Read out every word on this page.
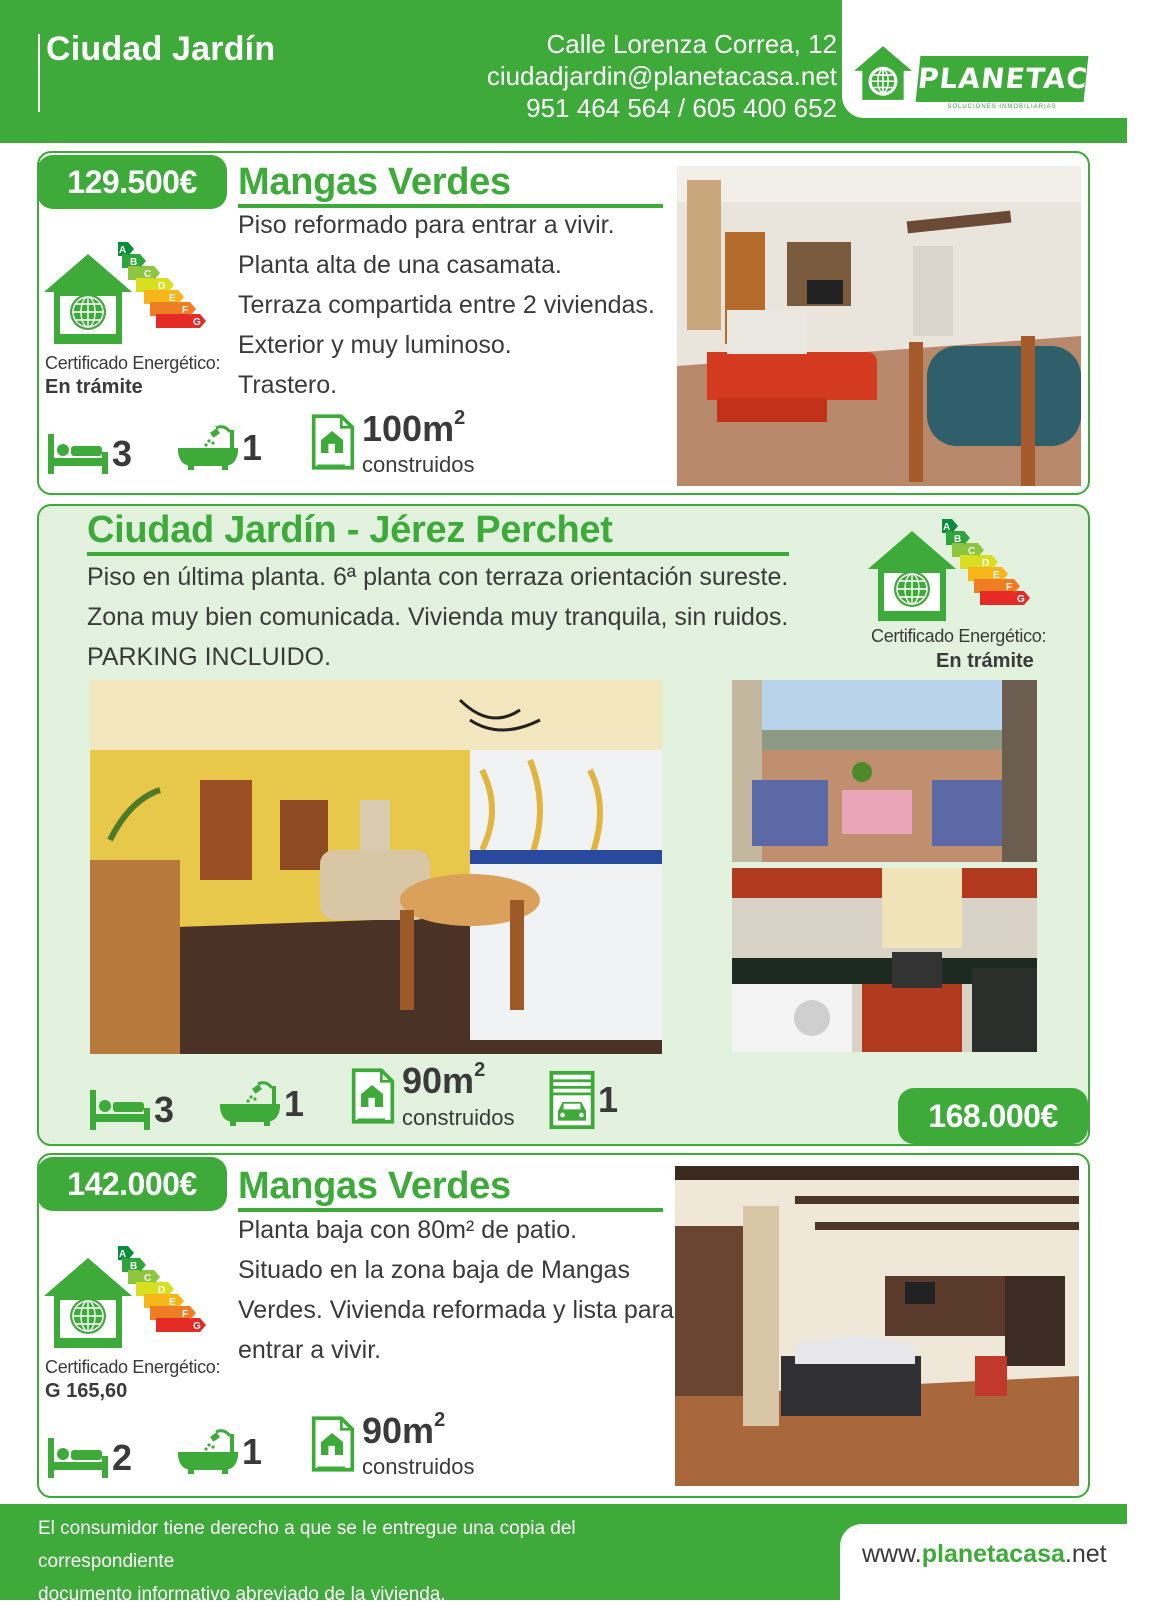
Ciudad Jardín	Calle Lorenza Correa, 12
ciudadjardin@planetacasa.net
951 464 564 / 605 400 652
PLANETACASA
SOLUCIONES INMOBILIARIAS
129.500€	Mangas Verdes
Piso reformado para entrar a vivir.
Planta alta de una casamata.
Terraza compartida entre 2 viviendas.
Exterior y muy luminoso.
Trastero.
Certificado Energético:
En trámite
3	1	$100m^2$
construidos
Ciudad Jardín - Jérez Perchet
Piso en última planta. 6ª planta con terraza orientación sureste.
Zona muy bien comunicada. Vivienda muy tranquila, sin ruidos.
PARKING INCLUIDO.
Certificado Energético:
En trámite
3	1
$90m^2$
construidos 1	168.000€
142.000€	Mangas Verdes
Planta baja con 80m² de patio.
Situado en la zona baja de Mangas
Verdes. Vivienda reformada y lista para
entrar a vivir.
Certificado Energético:
G 165,60
2	1
$90m^2$
construidos
El consumidor tiene derecho a que se le entregue una copia del correspondiente
documento informativo abreviado de la vivienda.
www.planetacasa.net
